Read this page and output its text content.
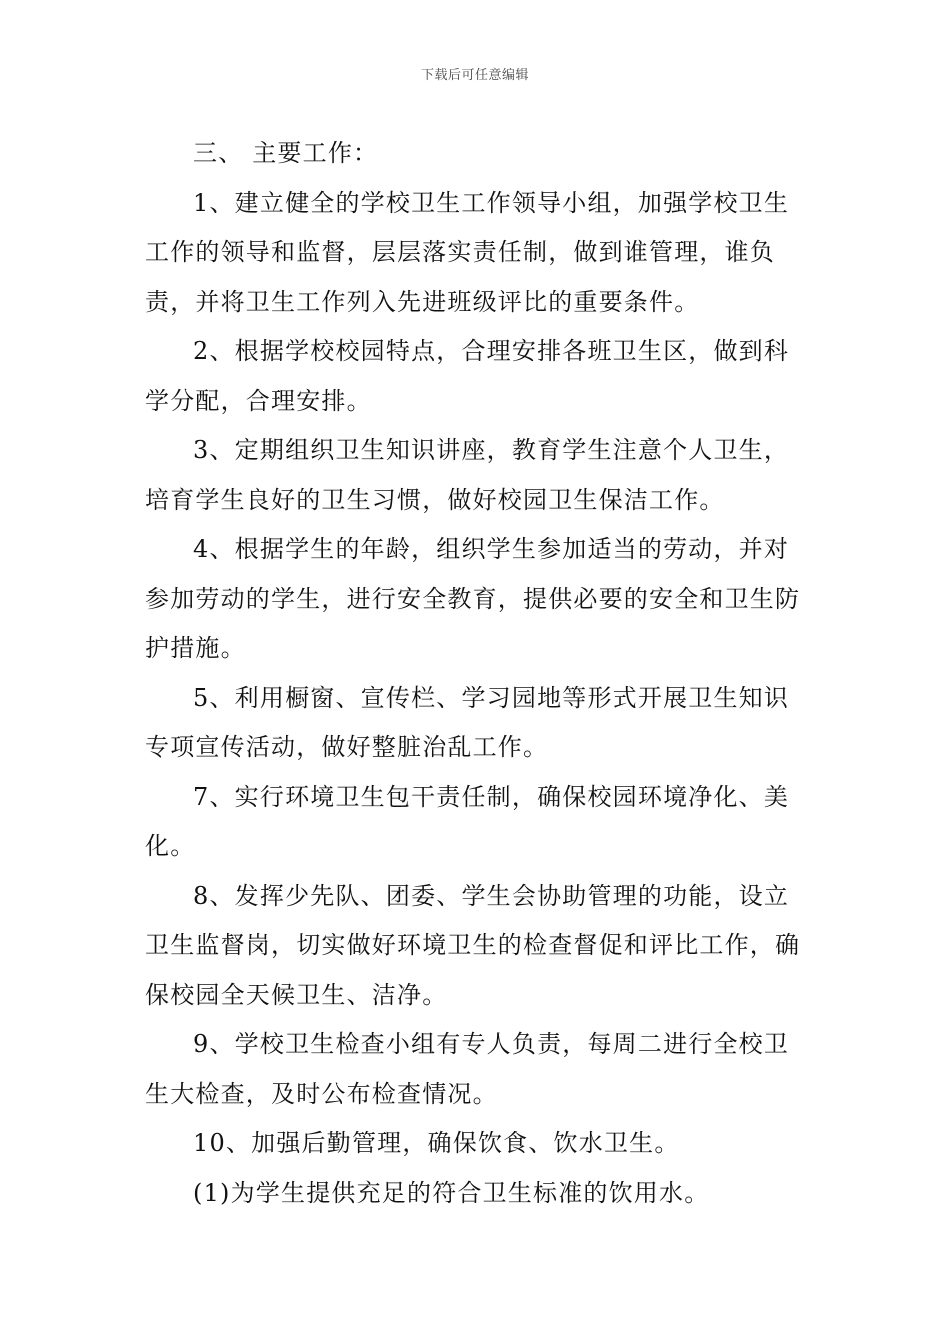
下载后可任意编辑

三、 主要工作：

1、建立健全的学校卫生工作领导小组，加强学校卫生工作的领导和监督，层层落实责任制，做到谁管理，谁负责，并将卫生工作列入先进班级评比的重要条件。

2、根据学校校园特点，合理安排各班卫生区，做到科学分配，合理安排。

3、定期组织卫生知识讲座，教育学生注意个人卫生，培育学生良好的卫生习惯，做好校园卫生保洁工作。

4、根据学生的年龄，组织学生参加适当的劳动，并对参加劳动的学生，进行安全教育，提供必要的安全和卫生防护措施。

5、利用橱窗、宣传栏、学习园地等形式开展卫生知识专项宣传活动，做好整脏治乱工作。

7、实行环境卫生包干责任制，确保校园环境净化、美化。

8、发挥少先队、团委、学生会协助管理的功能，设立卫生监督岗，切实做好环境卫生的检查督促和评比工作，确保校园全天候卫生、洁净。

9、学校卫生检查小组有专人负责，每周二进行全校卫生大检查，及时公布检查情况。

10、加强后勤管理，确保饮食、饮水卫生。

(1)为学生提供充足的符合卫生标准的饮用水。
